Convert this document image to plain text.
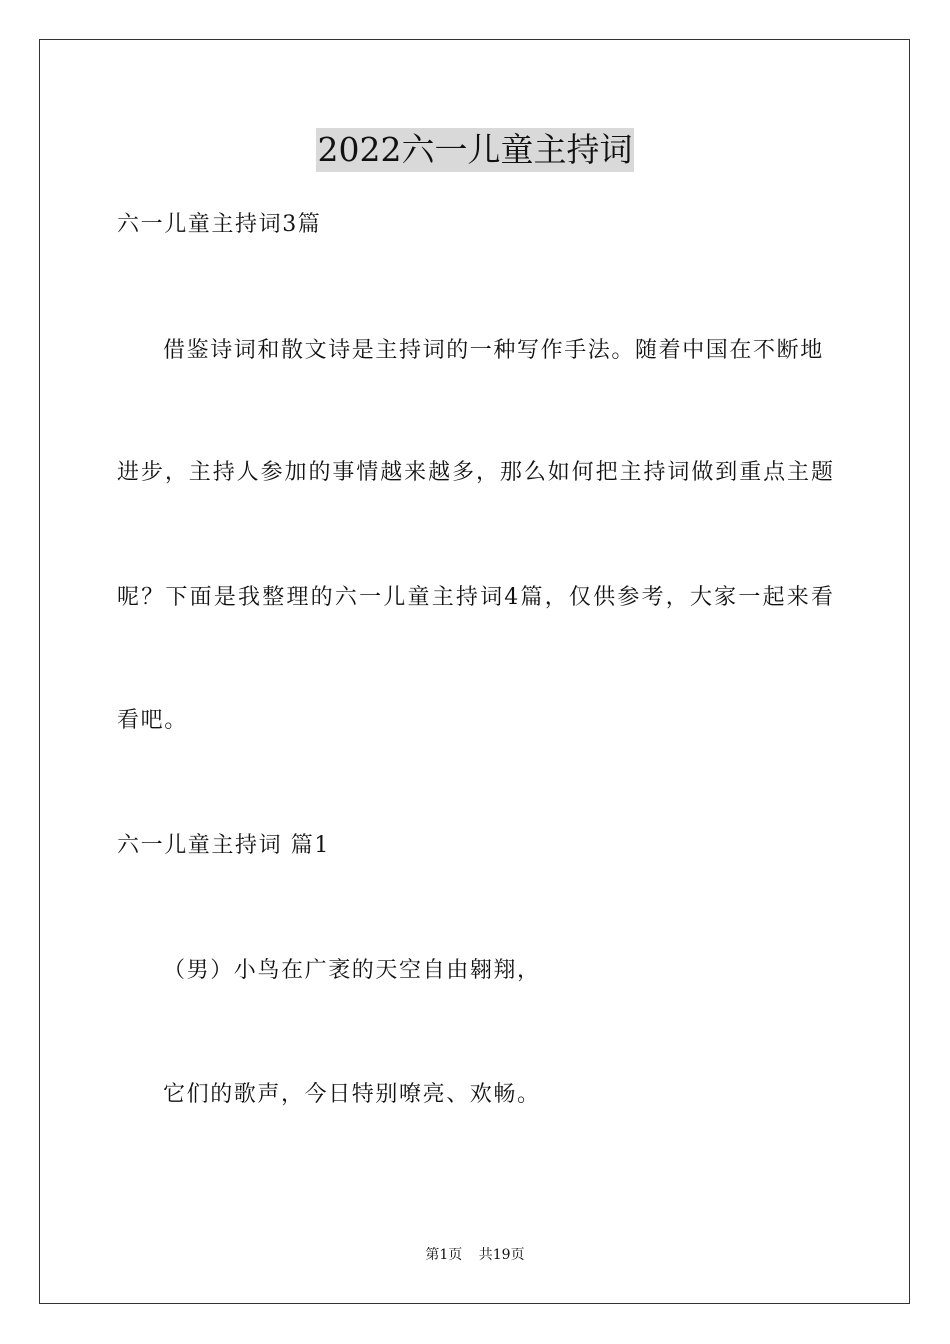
2022六一儿童主持词
六一儿童主持词3篇
借鉴诗词和散文诗是主持词的一种写作手法。随着中国在不断地
进步，主持人参加的事情越来越多，那么如何把主持词做到重点主题
呢？下面是我整理的六一儿童主持词4篇，仅供参考，大家一起来看
看吧。
六一儿童主持词 篇1
（男）小鸟在广袤的天空自由翱翔，
它们的歌声，今日特别嘹亮、欢畅。
第1页 共19页
